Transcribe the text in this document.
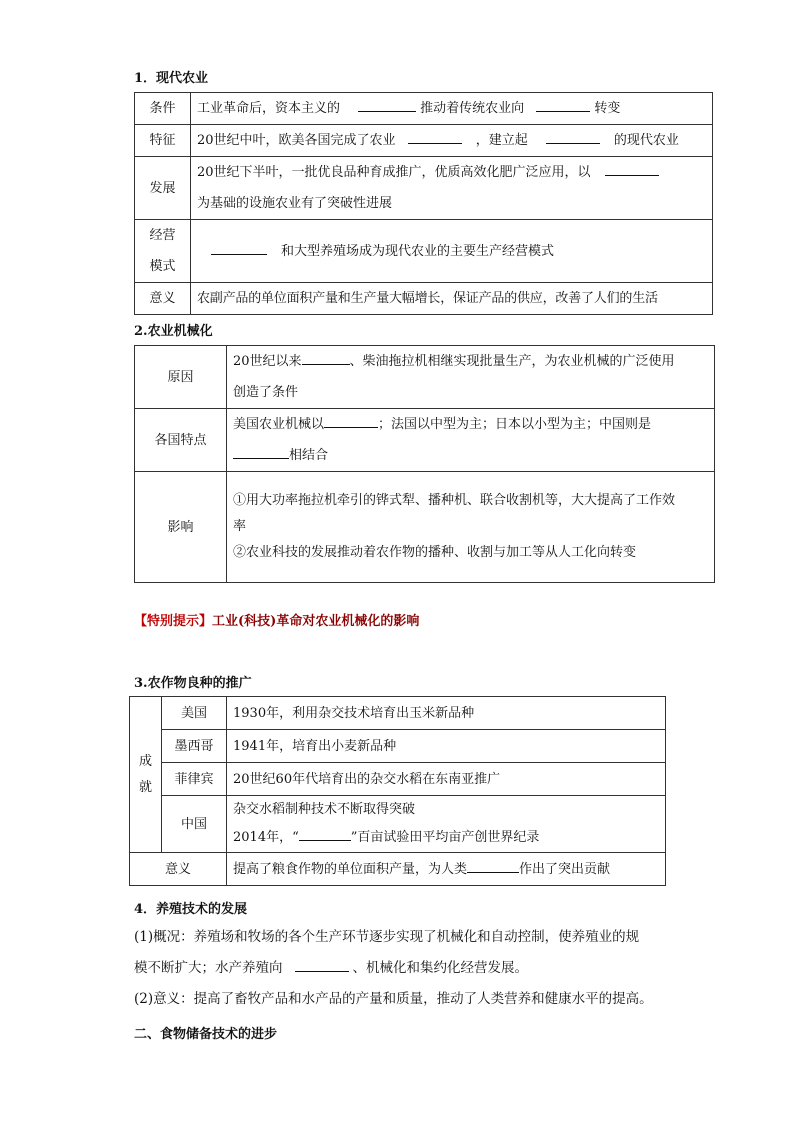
1．现代农业
条件	工业革命后，资本主义的 推动着传统农业向 转变
特征	20世纪中叶，欧美各国完成了农业 ，建立起 的现代农业
发展	20世纪下半叶，一批优良品种育成推广，优质高效化肥广泛应用，以
为基础的设施农业有了突破性进展

经营
模式	和大型养殖场成为现代农业的主要生产经营模式
意义	农副产品的单位面积产量和生产量大幅增长，保证产品的供应，改善了人们的生活
2.农业机械化
原因	20世纪以来 、柴油拖拉机相继实现批量生产，为农业机械的广泛使用
创造了条件

各国特点	美国农业机械以 ；法国以中型为主；日本以小型为主；中国则是
相结合

影响	①用大功率拖拉机牵引的铧式犁、播种机、联合收割机等，大大提高了工作效
率
②农业科技的发展推动着农作物的播种、收割与加工等从人工化向转变
【特别提示】工业(科技)革命对农业机械化的影响
3.农作物良种的推广
成
就	美国	1930年，利用杂交技术培育出玉米新品种
	墨西哥	1941年，培育出小麦新品种
	菲律宾	20世纪60年代培育出的杂交水稻在东南亚推广
	中国	杂交水稻制种技术不断取得突破
2014年，“ ”百亩试验田平均亩产创世界纪录

意义		提高了粮食作物的单位面积产量，为人类 作出了突出贡献
4．养殖技术的发展
(1)概况：养殖场和牧场的各个生产环节逐步实现了机械化和自动控制，使养殖业的规
模不断扩大；水产养殖向	、机械化和集约化经营发展。
(2)意义：提高了畜牧产品和水产品的产量和质量，推动了人类营养和健康水平的提高。
二、食物储备技术的进步
